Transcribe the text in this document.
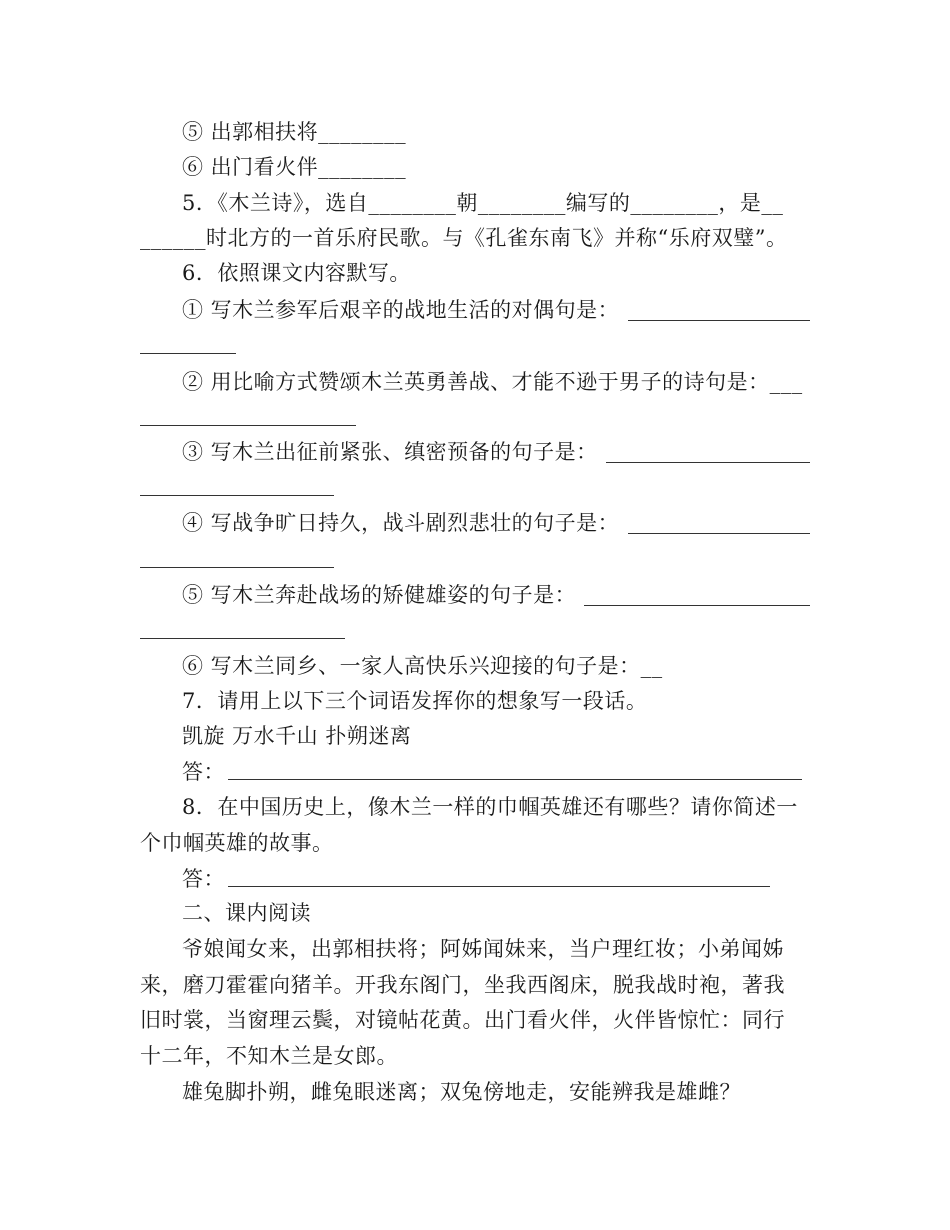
⑤ 出郭相扶将________
⑥ 出门看火伴________
5．《木兰诗》，选自________朝________编写的________，是__
______时北方的一首乐府民歌。与《孔雀东南飞》并称“乐府双璧”。
6．依照课文内容默写。
① 写木兰参军后艰辛的战地生活的对偶句是：
② 用比喻方式赞颂木兰英勇善战、才能不逊于男子的诗句是：___
③ 写木兰出征前紧张、缜密预备的句子是：
④ 写战争旷日持久，战斗剧烈悲壮的句子是：
⑤ 写木兰奔赴战场的矫健雄姿的句子是：
⑥ 写木兰同乡、一家人高快乐兴迎接的句子是：__
7．请用上以下三个词语发挥你的想象写一段话。
凯旋 万水千山 扑朔迷离
答：
8．在中国历史上，像木兰一样的巾帼英雄还有哪些？请你简述一
个巾帼英雄的故事。
答：
二、课内阅读
爷娘闻女来，出郭相扶将；阿姊闻妹来，当户理红妆；小弟闻姊
来，磨刀霍霍向猪羊。开我东阁门，坐我西阁床，脱我战时袍，著我
旧时裳，当窗理云鬓，对镜帖花黄。出门看火伴，火伴皆惊忙：同行
十二年，不知木兰是女郎。
雄兔脚扑朔，雌兔眼迷离；双兔傍地走，安能辨我是雄雌？
